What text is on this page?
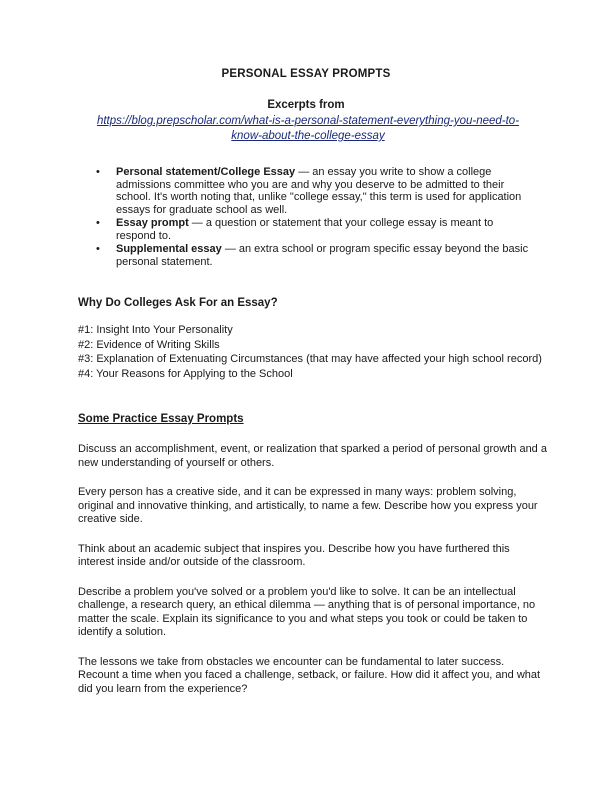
PERSONAL ESSAY PROMPTS
Excerpts from
https://blog.prepscholar.com/what-is-a-personal-statement-everything-you-need-to-
know-about-the-college-essay
• Personal statement/College Essay — an essay you write to show a college admissions committee who you are and why you deserve to be admitted to their school. It's worth noting that, unlike "college essay," this term is used for application essays for graduate school as well.
• Essay prompt — a question or statement that your college essay is meant to respond to.
• Supplemental essay — an extra school or program specific essay beyond the basic personal statement.
Why Do Colleges Ask For an Essay?
#1: Insight Into Your Personality
#2: Evidence of Writing Skills
#3: Explanation of Extenuating Circumstances (that may have affected your high school record)
#4: Your Reasons for Applying to the School
Some Practice Essay Prompts

Discuss an accomplishment, event, or realization that sparked a period of personal growth and a new understanding of yourself or others.

Every person has a creative side, and it can be expressed in many ways: problem solving, original and innovative thinking, and artistically, to name a few. Describe how you express your creative side.

Think about an academic subject that inspires you. Describe how you have furthered this interest inside and/or outside of the classroom.

Describe a problem you've solved or a problem you'd like to solve. It can be an intellectual challenge, a research query, an ethical dilemma — anything that is of personal importance, no matter the scale. Explain its significance to you and what steps you took or could be taken to identify a solution.

The lessons we take from obstacles we encounter can be fundamental to later success. Recount a time when you faced a challenge, setback, or failure. How did it affect you, and what did you learn from the experience?
